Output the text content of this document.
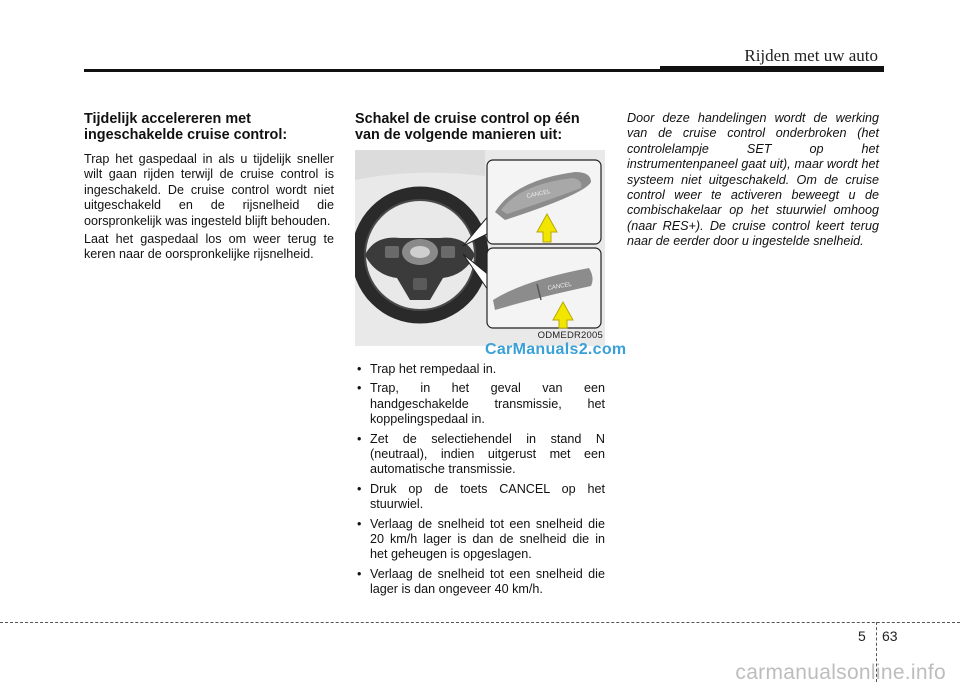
Rijden met uw auto
Tijdelijk accelereren met ingeschakelde cruise control:

Trap het gaspedaal in als u tijdelijk sneller wilt gaan rijden terwijl de cruise control is ingeschakeld. De cruise control wordt niet uitgeschakeld en de rijsnelheid die oorspronkelijk was ingesteld blijft behouden.

Laat het gaspedaal los om weer terug te keren naar de oorspronkelijke rijsnelheid.

Schakel de cruise control op één van de volgende manieren uit:
CANCEL
CANCEL
ODMEDR2005
• Trap het rempedaal in.
• Trap, in het geval van een handgeschakelde transmissie, het koppelingspedaal in.
• Zet de selectiehendel in stand N (neutraal), indien uitgerust met een automatische transmissie.
• Druk op de toets CANCEL op het stuurwiel.
• Verlaag de snelheid tot een snelheid die 20 km/h lager is dan de snelheid die in het geheugen is opgeslagen.
• Verlaag de snelheid tot een snelheid die lager is dan ongeveer 40 km/h.
CarManuals2.com

Door deze handelingen wordt de werking van de cruise control onderbroken (het controlelampje SET op het instrumentenpaneel gaat uit), maar wordt het systeem niet uitgeschakeld. Om de cruise control weer te activeren beweegt u de combischakelaar op het stuurwiel omhoog (naar RES+). De cruise control keert terug naar de eerder door u ingestelde snelheid.

5 63
carmanualsonline.info
